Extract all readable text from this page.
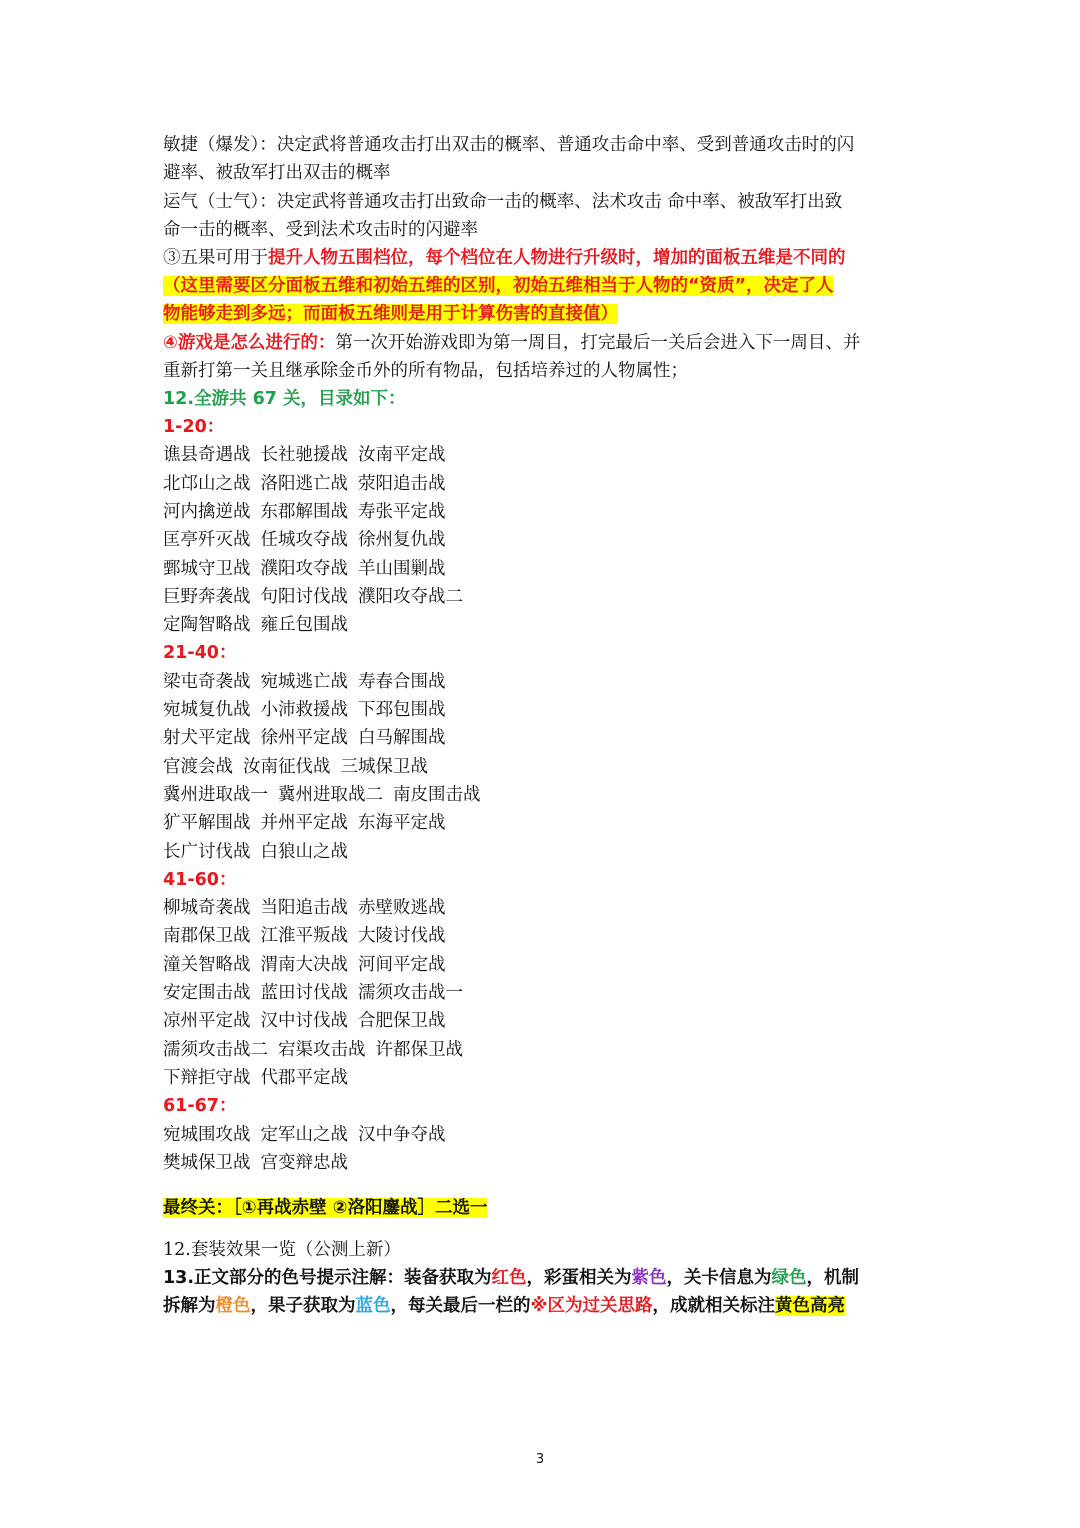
敏捷（爆发）：决定武将普通攻击打出双击的概率、普通攻击命中率、受到普通攻击时的闪
避率、被敌军打出双击的概率
运气（士气）：决定武将普通攻击打出致命一击的概率、法术攻击 命中率、被敌军打出致
命一击的概率、受到法术攻击时的闪避率
③五果可用于提升人物五围档位，每个档位在人物进行升级时，增加的面板五维是不同的
（这里需要区分面板五维和初始五维的区别，初始五维相当于人物的“资质”，决定了人
物能够走到多远；而面板五维则是用于计算伤害的直接值）
④游戏是怎么进行的：第一次开始游戏即为第一周目，打完最后一关后会进入下一周目、并
重新打第一关且继承除金币外的所有物品，包括培养过的人物属性；
12.全游共 67 关，目录如下：
1-20：
谯县奇遇战 长社驰援战 汝南平定战
北邙山之战 洛阳逃亡战 荥阳追击战
河内擒逆战 东郡解围战 寿张平定战
匡亭歼灭战 任城攻夺战 徐州复仇战
鄄城守卫战 濮阳攻夺战 羊山围剿战
巨野奔袭战 句阳讨伐战 濮阳攻夺战二
定陶智略战 雍丘包围战
21-40：
梁屯奇袭战 宛城逃亡战 寿春合围战
宛城复仇战 小沛救援战 下邳包围战
射犬平定战 徐州平定战 白马解围战
官渡会战 汝南征伐战 三城保卫战
冀州进取战一 冀州进取战二 南皮围击战
犷平解围战 并州平定战 东海平定战
长广讨伐战 白狼山之战
41-60：
柳城奇袭战 当阳追击战 赤壁败逃战
南郡保卫战 江淮平叛战 大陵讨伐战
潼关智略战 渭南大决战 河间平定战
安定围击战 蓝田讨伐战 濡须攻击战一
凉州平定战 汉中讨伐战 合肥保卫战
濡须攻击战二 宕渠攻击战 许都保卫战
下辩拒守战 代郡平定战
61-67：
宛城围攻战 定军山之战 汉中争夺战
樊城保卫战 宫变辩忠战
最终关：［①再战赤壁 ②洛阳鏖战］二选一
12.套装效果一览（公测上新）
13.正文部分的色号提示注解：装备获取为红色，彩蛋相关为紫色，关卡信息为绿色，机制
拆解为橙色，果子获取为蓝色，每关最后一栏的※区为过关思路，成就相关标注黄色高亮
3
